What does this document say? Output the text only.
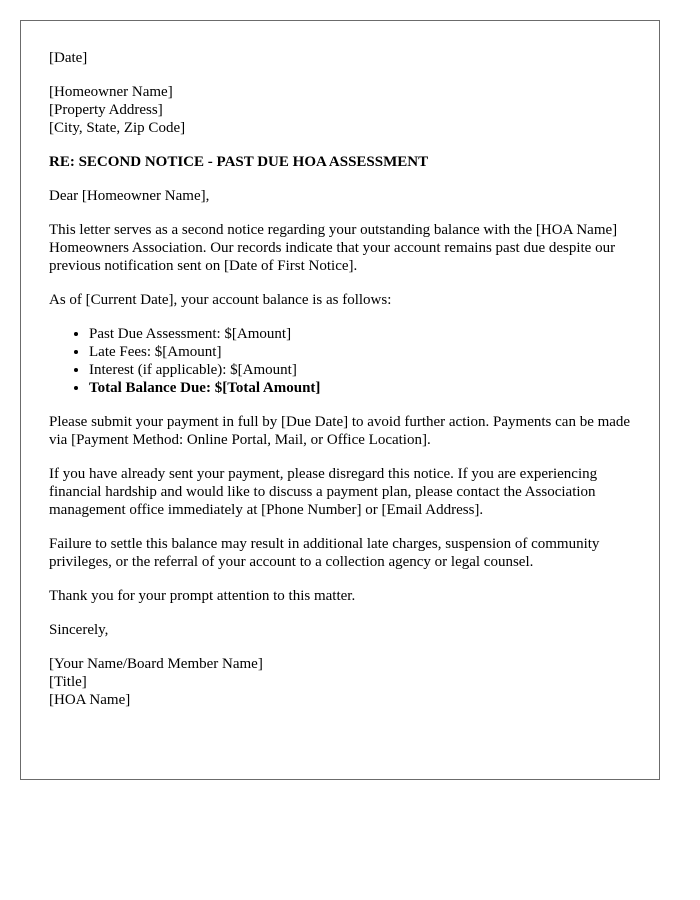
[Date]
[Homeowner Name]
[Property Address]
[City, State, Zip Code]
RE: SECOND NOTICE - PAST DUE HOA ASSESSMENT
Dear [Homeowner Name],

This letter serves as a second notice regarding your outstanding balance with the [HOA Name] Homeowners Association. Our records indicate that your account remains past due despite our previous notification sent on [Date of First Notice].

As of [Current Date], your account balance is as follows:

• Past Due Assessment: $[Amount]
• Late Fees: $[Amount]
• Interest (if applicable): $[Amount]
• Total Balance Due: $[Total Amount]

Please submit your payment in full by [Due Date] to avoid further action. Payments can be made via [Payment Method: Online Portal, Mail, or Office Location].

If you have already sent your payment, please disregard this notice. If you are experiencing financial hardship and would like to discuss a payment plan, please contact the Association management office immediately at [Phone Number] or [Email Address].

Failure to settle this balance may result in additional late charges, suspension of community privileges, or the referral of your account to a collection agency or legal counsel.

Thank you for your prompt attention to this matter.

Sincerely,
[Your Name/Board Member Name]
[Title]
[HOA Name]
